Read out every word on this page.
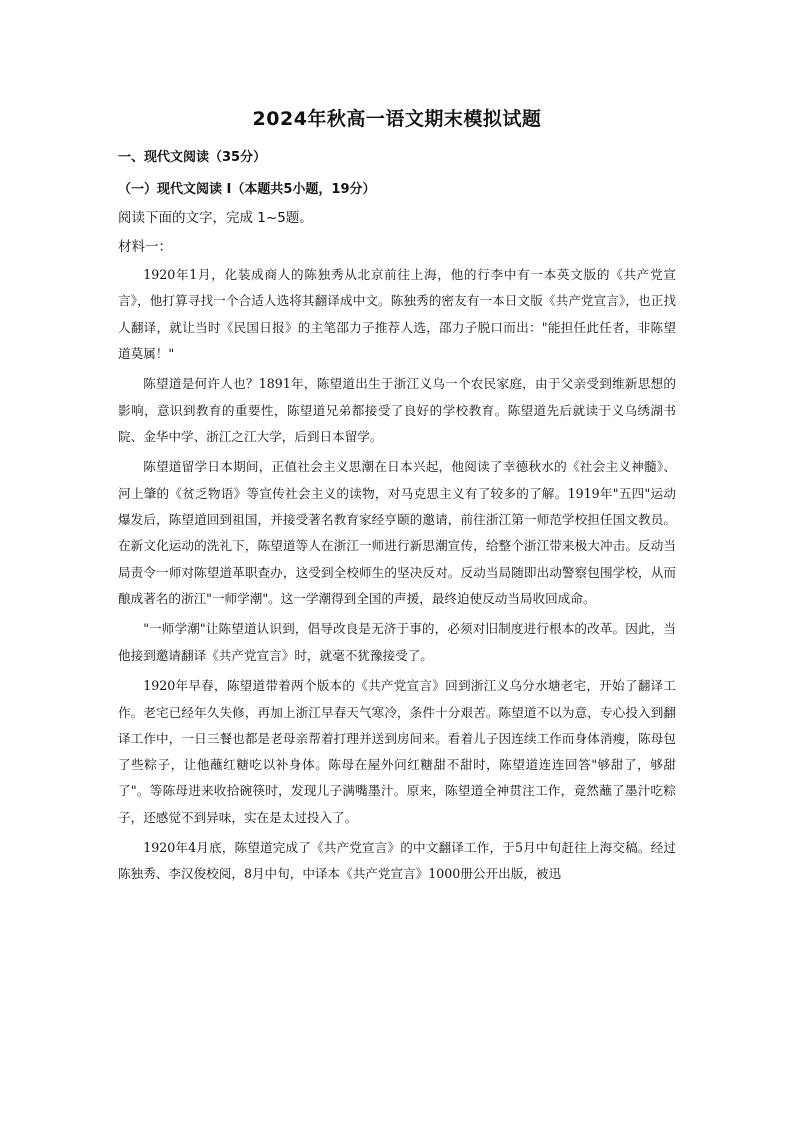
2024年秋高一语文期末模拟试题
一、现代文阅读（35分）
（一）现代文阅读 I（本题共5小题，19分）
阅读下面的文字，完成 1~5题。
材料一：

1920年1月，化装成商人的陈独秀从北京前往上海，他的行李中有一本英文版的《共产党宣言》，他打算寻找一个合适人选将其翻译成中文。陈独秀的密友有一本日文版《共产党宣言》，也正找人翻译，就让当时《民国日报》的主笔邵力子推荐人选，邵力子脱口而出："能担任此任者，非陈望道莫属！"

陈望道是何许人也？1891年，陈望道出生于浙江义乌一个农民家庭，由于父亲受到维新思想的影响，意识到教育的重要性，陈望道兄弟都接受了良好的学校教育。陈望道先后就读于义乌绣湖书院、金华中学、浙江之江大学，后到日本留学。

陈望道留学日本期间，正值社会主义思潮在日本兴起，他阅读了幸德秋水的《社会主义神髓》、河上肇的《贫乏物语》等宣传社会主义的读物，对马克思主义有了较多的了解。1919年"五四"运动爆发后，陈望道回到祖国，并接受著名教育家经亨颐的邀请，前往浙江第一师范学校担任国文教员。在新文化运动的洗礼下，陈望道等人在浙江一师进行新思潮宣传，给整个浙江带来极大冲击。反动当局责令一师对陈望道革职查办，这受到全校师生的坚决反对。反动当局随即出动警察包围学校，从而酿成著名的浙江"一师学潮"。这一学潮得到全国的声援，最终迫使反动当局收回成命。

"一师学潮"让陈望道认识到，倡导改良是无济于事的，必须对旧制度进行根本的改革。因此，当他接到邀请翻译《共产党宣言》时，就毫不犹豫接受了。

1920年早春，陈望道带着两个版本的《共产党宣言》回到浙江义乌分水塘老宅，开始了翻译工作。老宅已经年久失修，再加上浙江早春天气寒冷，条件十分艰苦。陈望道不以为意，专心投入到翻译工作中，一日三餐也都是老母亲帮着打理并送到房间来。看着儿子因连续工作而身体消瘦，陈母包了些粽子，让他蘸红糖吃以补身体。陈母在屋外问红糖甜不甜时，陈望道连连回答"够甜了，够甜了"。等陈母进来收拾碗筷时，发现儿子满嘴墨汁。原来，陈望道全神贯注工作，竟然蘸了墨汁吃粽子，还感觉不到异味，实在是太过投入了。

1920年4月底，陈望道完成了《共产党宣言》的中文翻译工作，于5月中旬赶往上海交稿。经过陈独秀、李汉俊校阅，8月中旬，中译本《共产党宣言》1000册公开出版，被迅
